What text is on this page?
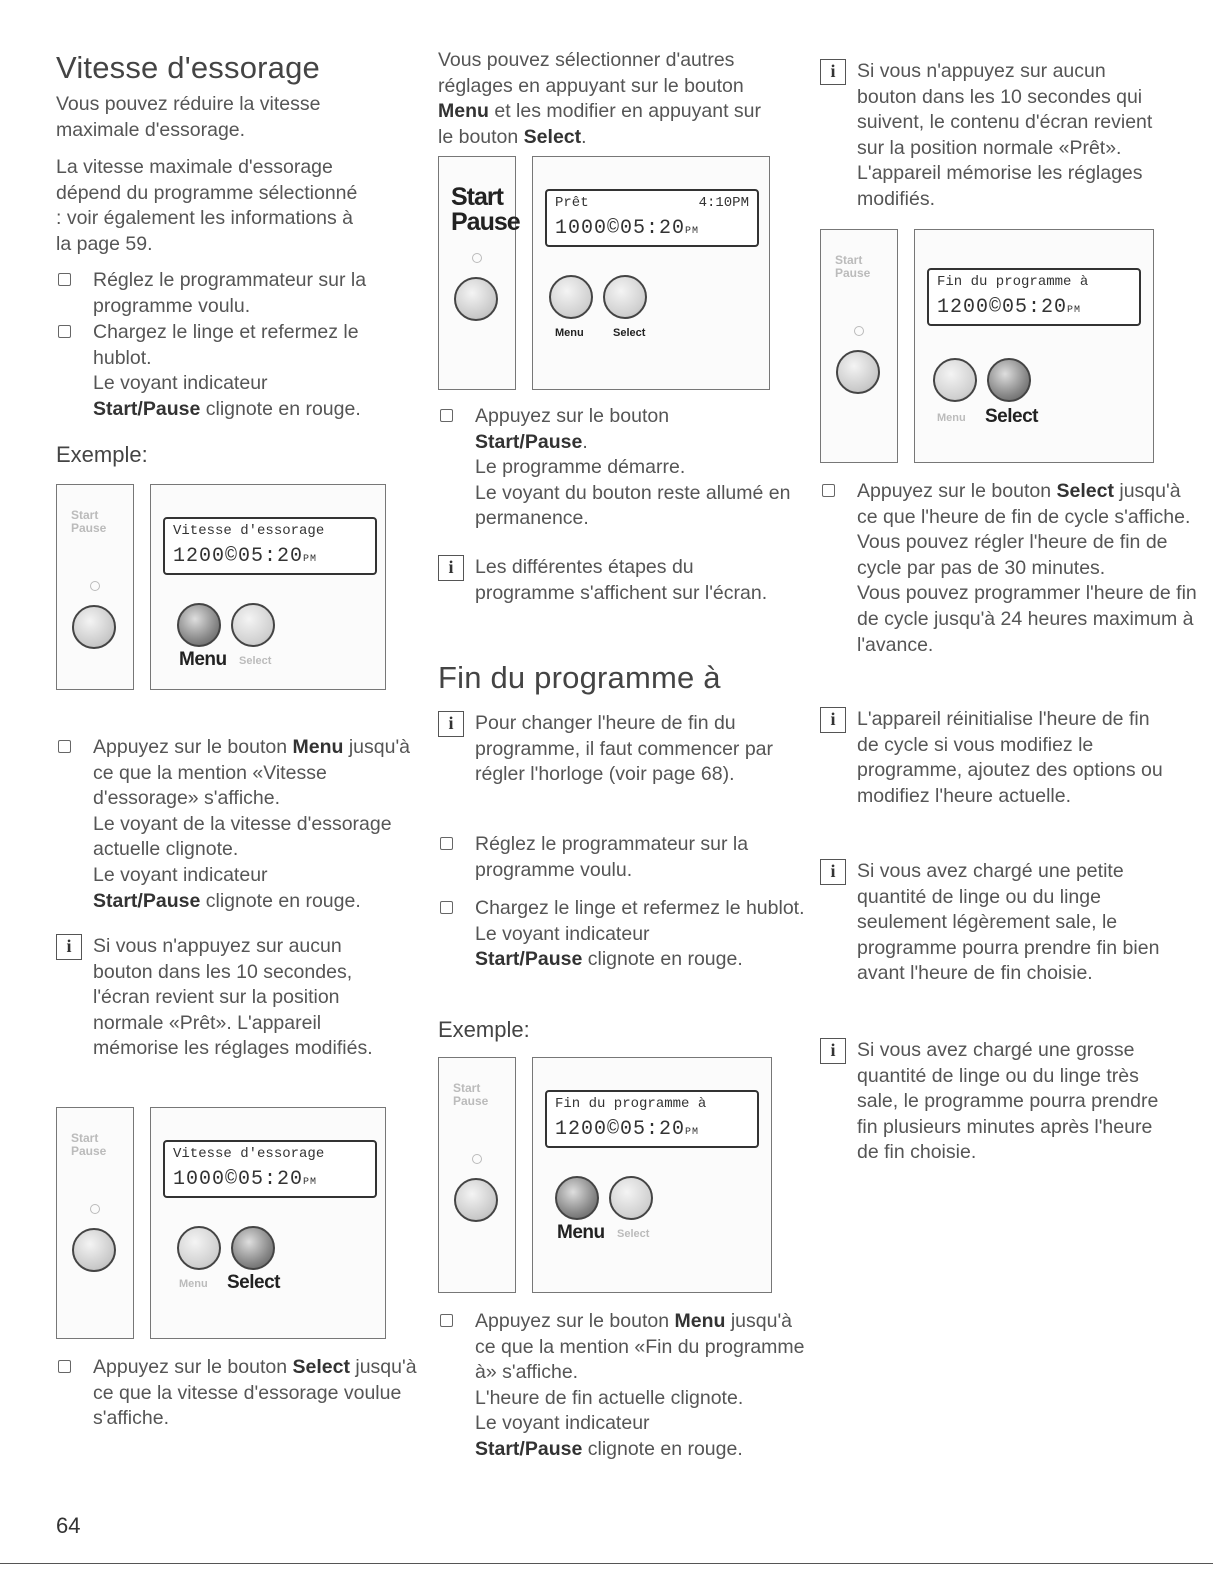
Vitesse d'essorage

Vous pouvez réduire la vitesse maximale d'essorage.

La vitesse maximale d'essorage dépend du programme sélectionné : voir également les informations à la page 59.

Réglez le programmateur sur la programme voulu.
Chargez le linge et refermez le hublot.
Le voyant indicateur
Start/Pause clignote en rouge.
Exemple:
Start
Pause	Vitesse d'essorage
1200©05:20PM
Menu Select
Appuyez sur le bouton Menu jusqu'à ce que la mention «Vitesse d'essorage» s'affiche.
Le voyant de la vitesse d'essorage actuelle clignote.
Le voyant indicateur
Start/Pause clignote en rouge.
i	Si vous n'appuyez sur aucun bouton dans les 10 secondes, l'écran revient sur la position normale «Prêt». L'appareil mémorise les réglages modifiés.

Start
Pause	Vitesse d'essorage
1000©05:20PM
Menu Select
Appuyez sur le bouton Select jusqu'à ce que la vitesse d'essorage voulue s'affiche.

Vous pouvez sélectionner d'autres réglages en appuyant sur le bouton Menu et les modifier en appuyant sur le bouton Select.

Start
Pause
Prêt	4:10PM
1000©05:20PM
Menu	Select
Appuyez sur le bouton
Start/Pause.
Le programme démarre.
Le voyant du bouton reste allumé en permanence.
i	Les différentes étapes du programme s'affichent sur l'écran.

Fin du programme à
i	Pour changer l'heure de fin du programme, il faut commencer par régler l'horloge (voir page 68).

Réglez le programmateur sur la programme voulu.
Chargez le linge et refermez le hublot.
Le voyant indicateur
Start/Pause clignote en rouge.
Exemple:
Start
Pause	Fin du programme à
1200©05:20PM
Menu Select
Appuyez sur le bouton Menu jusqu'à ce que la mention «Fin du programme à» s'affiche.
L'heure de fin actuelle clignote.
Le voyant indicateur
Start/Pause clignote en rouge.
i	Si vous n'appuyez sur aucun bouton dans les 10 secondes qui suivent, le contenu d'écran revient sur la position normale «Prêt». L'appareil mémorise les réglages modifiés.

Start
Pause
Fin du programme à
1200©05:20PM
Menu Select
Appuyez sur le bouton Select jusqu'à ce que l'heure de fin de cycle s'affiche. Vous pouvez régler l'heure de fin de cycle par pas de 30 minutes.
Vous pouvez programmer l'heure de fin de cycle jusqu'à 24 heures maximum à l'avance.
i	L'appareil réinitialise l'heure de fin de cycle si vous modifiez le programme, ajoutez des options ou modifiez l'heure actuelle.

i	Si vous avez chargé une petite quantité de linge ou du linge seulement légèrement sale, le programme pourra prendre fin bien avant l'heure de fin choisie.

i	Si vous avez chargé une grosse quantité de linge ou du linge très sale, le programme pourra prendre fin plusieurs minutes après l'heure de fin choisie.

64
